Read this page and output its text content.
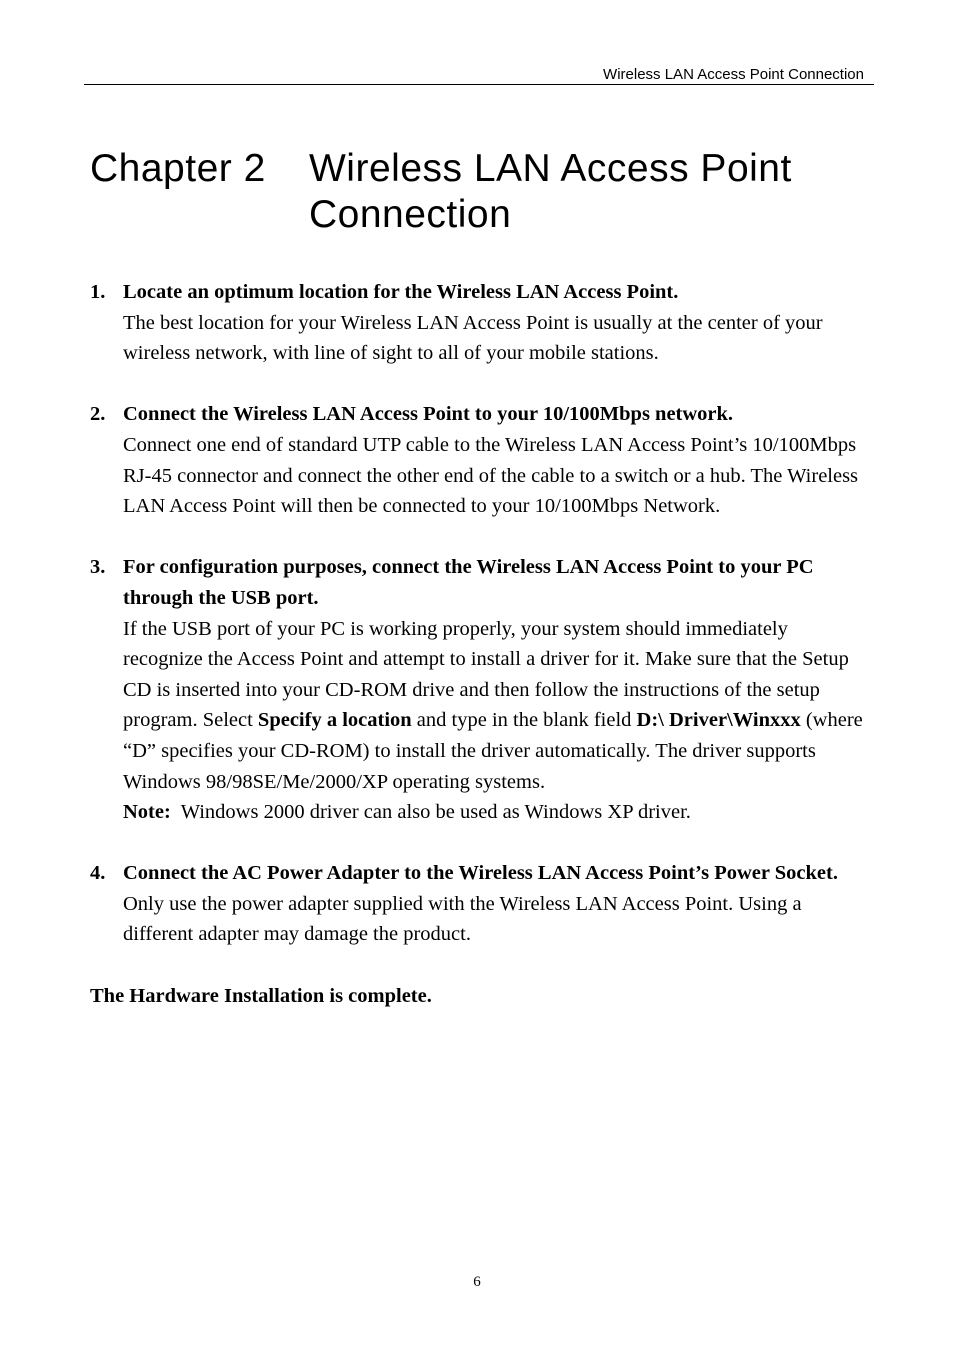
Wireless LAN Access Point Connection
Chapter 2 Wireless LAN Access Point Connection
1. Locate an optimum location for the Wireless LAN Access Point.
The best location for your Wireless LAN Access Point is usually at the center of your wireless network, with line of sight to all of your mobile stations.
2. Connect the Wireless LAN Access Point to your 10/100Mbps network.
Connect one end of standard UTP cable to the Wireless LAN Access Point’s 10/100Mbps RJ-45 connector and connect the other end of the cable to a switch or a hub. The Wireless LAN Access Point will then be connected to your 10/100Mbps Network.
3. For configuration purposes, connect the Wireless LAN Access Point to your PC through the USB port.
If the USB port of your PC is working properly, your system should immediately recognize the Access Point and attempt to install a driver for it. Make sure that the Setup CD is inserted into your CD-ROM drive and then follow the instructions of the setup program. Select Specify a location and type in the blank field D:\ Driver\Winxxx (where “D” specifies your CD-ROM) to install the driver automatically. The driver supports Windows 98/98SE/Me/2000/XP operating systems.
Note: Windows 2000 driver can also be used as Windows XP driver.
4. Connect the AC Power Adapter to the Wireless LAN Access Point’s Power Socket.
Only use the power adapter supplied with the Wireless LAN Access Point. Using a different adapter may damage the product.
The Hardware Installation is complete.
6
